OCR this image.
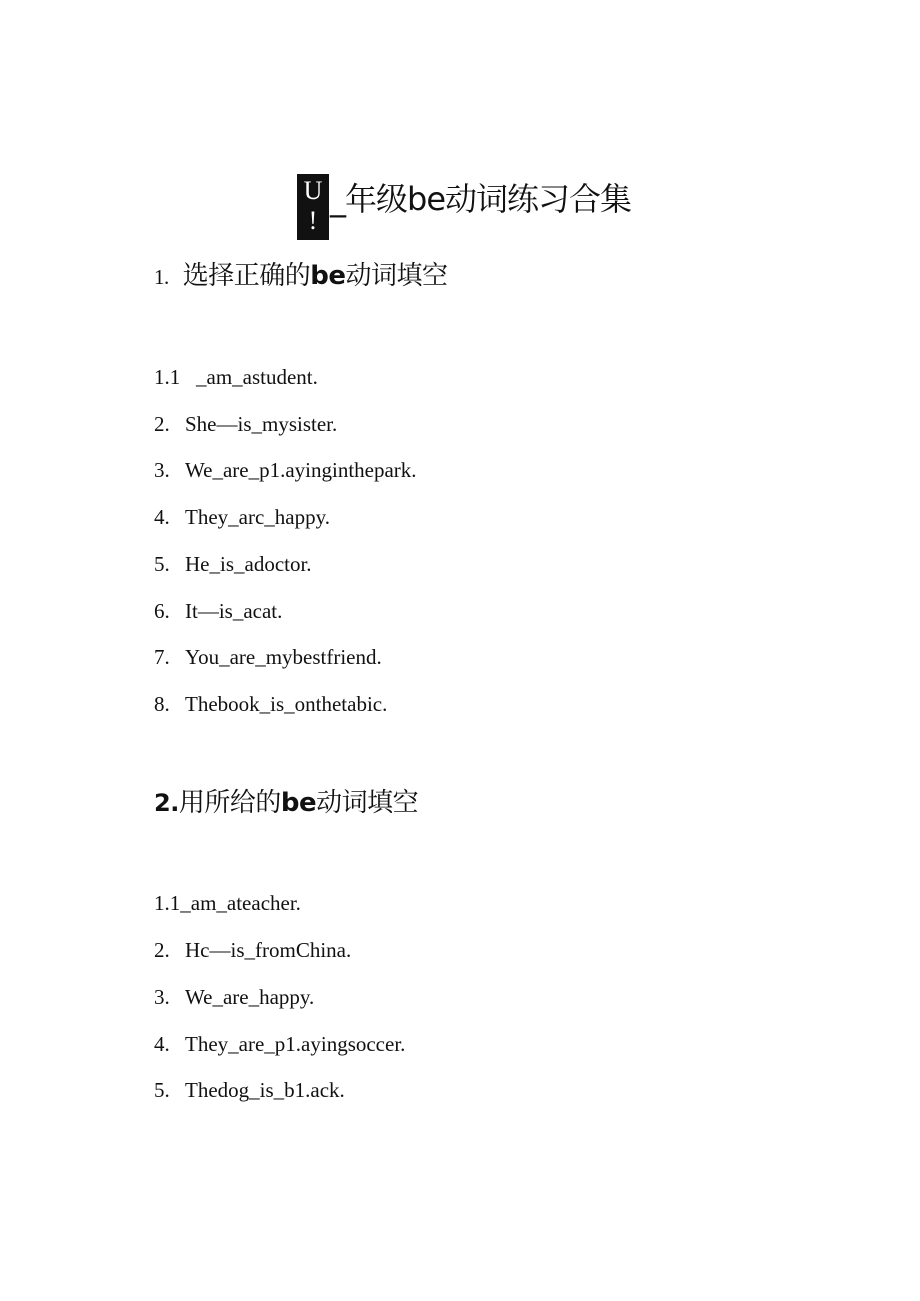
U
!
_年级be动词练习合集
1. 选择正确的be动词填空
1.1 _am_astudent.
2. She—is_mysister.
3. We_are_p1.ayinginthepark.
4. They_arc_happy.
5. He_is_adoctor.
6. It—is_acat.
7. You_are_mybestfriend.
8. Thebook_is_onthetabic.
2.用所给的be动词填空
1.1_am_ateacher.
2. Hc—is_fromChina.
3. We_are_happy.
4. They_are_p1.ayingsoccer.
5. Thedog_is_b1.ack.
